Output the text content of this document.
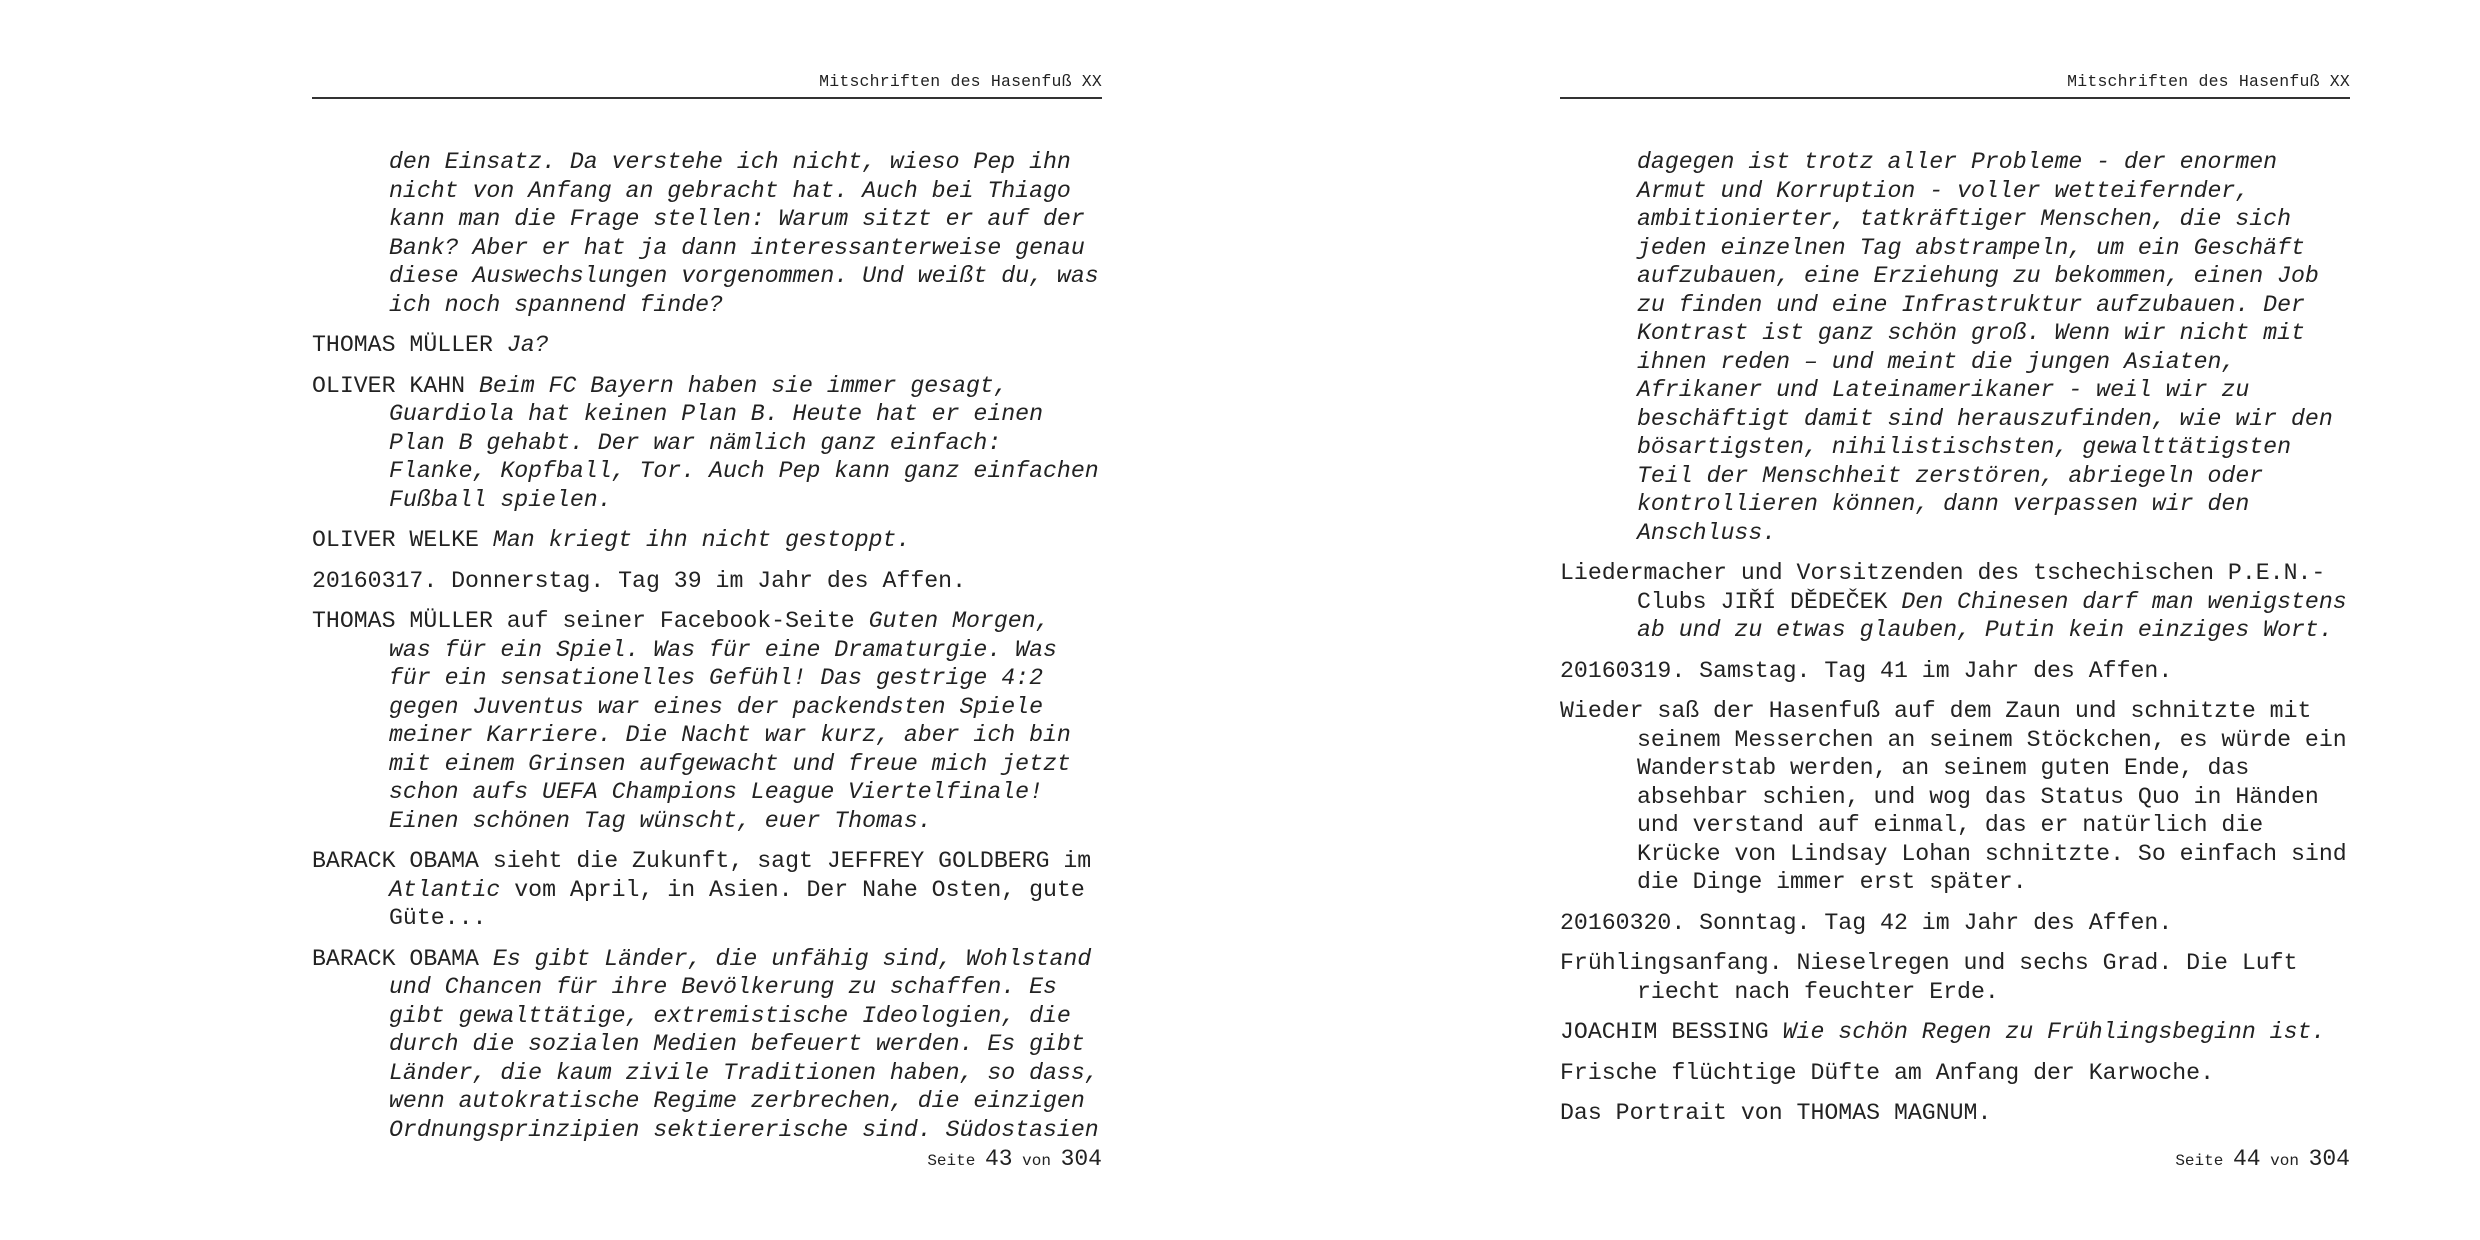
Mitschriften des Hasenfuß XX

den Einsatz. Da verstehe ich nicht, wieso Pep ihn nicht von Anfang an gebracht hat. Auch bei Thiago kann man die Frage stellen: Warum sitzt er auf der Bank? Aber er hat ja dann interessanterweise genau diese Auswechslungen vorgenommen. Und weißt du, was ich noch spannend finde?

THOMAS MÜLLER Ja?

OLIVER KAHN Beim FC Bayern haben sie immer gesagt, Guardiola hat keinen Plan B. Heute hat er einen Plan B gehabt. Der war nämlich ganz einfach: Flanke, Kopfball, Tor. Auch Pep kann ganz einfachen Fußball spielen.

OLIVER WELKE Man kriegt ihn nicht gestoppt.

20160317. Donnerstag. Tag 39 im Jahr des Affen.

THOMAS MÜLLER auf seiner Facebook-Seite Guten Morgen, was für ein Spiel. Was für eine Dramaturgie. Was für ein sensationelles Gefühl! Das gestrige 4:2 gegen Juventus war eines der packendsten Spiele meiner Karriere. Die Nacht war kurz, aber ich bin mit einem Grinsen aufgewacht und freue mich jetzt schon aufs UEFA Champions League Viertelfinale! Einen schönen Tag wünscht, euer Thomas.

BARACK OBAMA sieht die Zukunft, sagt JEFFREY GOLDBERG im Atlantic vom April, in Asien. Der Nahe Osten, gute Güte...

BARACK OBAMA Es gibt Länder, die unfähig sind, Wohlstand und Chancen für ihre Bevölkerung zu schaffen. Es gibt gewalttätige, extremistische Ideologien, die durch die sozialen Medien befeuert werden. Es gibt Länder, die kaum zivile Traditionen haben, so dass, wenn autokratische Regime zerbrechen, die einzigen Ordnungsprinzipien sektiererische sind. Südostasien

Seite 43 von 304
Mitschriften des Hasenfuß XX

dagegen ist trotz aller Probleme - der enormen Armut und Korruption - voller wetteifernder, ambitionierter, tatkräftiger Menschen, die sich jeden einzelnen Tag abstrampeln, um ein Geschäft aufzubauen, eine Erziehung zu bekommen, einen Job zu finden und eine Infrastruktur aufzubauen. Der Kontrast ist ganz schön groß. Wenn wir nicht mit ihnen reden – und meint die jungen Asiaten, Afrikaner und Lateinamerikaner - weil wir zu beschäftigt damit sind herauszufinden, wie wir den bösartigsten, nihilistischsten, gewalttätigsten Teil der Menschheit zerstören, abriegeln oder kontrollieren können, dann verpassen wir den Anschluss.

Liedermacher und Vorsitzenden des tschechischen P.E.N.-Clubs JIŘÍ DĚDEČEK Den Chinesen darf man wenigstens ab und zu etwas glauben, Putin kein einziges Wort.

20160319. Samstag. Tag 41 im Jahr des Affen.

Wieder saß der Hasenfuß auf dem Zaun und schnitzte mit seinem Messerchen an seinem Stöckchen, es würde ein Wanderstab werden, an seinem guten Ende, das absehbar schien, und wog das Status Quo in Händen und verstand auf einmal, das er natürlich die Krücke von Lindsay Lohan schnitzte. So einfach sind die Dinge immer erst später.

20160320. Sonntag. Tag 42 im Jahr des Affen.

Frühlingsanfang. Nieselregen und sechs Grad. Die Luft riecht nach feuchter Erde.

JOACHIM BESSING Wie schön Regen zu Frühlingsbeginn ist.

Frische flüchtige Düfte am Anfang der Karwoche.

Das Portrait von THOMAS MAGNUM.

Seite 44 von 304
